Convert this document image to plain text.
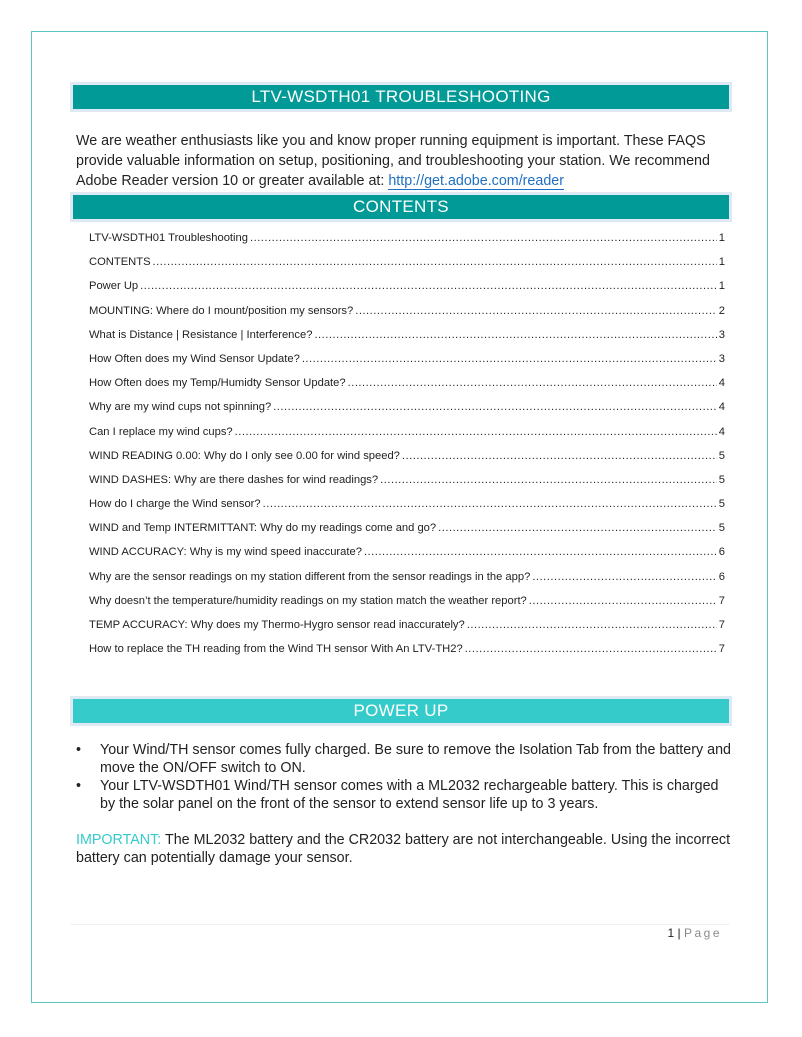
LTV-WSDTH01 TROUBLESHOOTING
We are weather enthusiasts like you and know proper running equipment is important. These FAQS provide valuable information on setup, positioning, and troubleshooting your station. We recommend Adobe Reader version 10 or greater available at: http://get.adobe.com/reader
CONTENTS
LTV-WSDTH01 Troubleshooting .....	1
CONTENTS .....	1
Power Up .....	1
MOUNTING: Where do I mount/position my sensors? .....	2
What is Distance | Resistance | Interference? .....	3
How Often does my Wind Sensor Update? .....	3
How Often does my Temp/Humidty Sensor Update? .....	4
Why are my wind cups not spinning? .....	4
Can I replace my wind cups? .....	4
WIND READING 0.00: Why do I only see 0.00 for wind speed? .....	5
WIND DASHES: Why are there dashes for wind readings? .....	5
How do I charge the Wind sensor? .....	5
WIND and Temp INTERMITTANT: Why do my readings come and go? .....	5
WIND ACCURACY: Why is my wind speed inaccurate? .....	6
Why are the sensor readings on my station different from the sensor readings in the app? .....	6
Why doesn’t the temperature/humidity readings on my station match the weather report? .....	7
TEMP ACCURACY: Why does my Thermo-Hygro sensor read inaccurately? .....	7
How to replace the TH reading from the Wind TH sensor With An LTV-TH2? .....	7
POWER UP
• Your Wind/TH sensor comes fully charged. Be sure to remove the Isolation Tab from the battery and move the ON/OFF switch to ON.
• Your LTV-WSDTH01 Wind/TH sensor comes with a ML2032 rechargeable battery. This is charged by the solar panel on the front of the sensor to extend sensor life up to 3 years.
IMPORTANT: The ML2032 battery and the CR2032 battery are not interchangeable. Using the incorrect battery can potentially damage your sensor.
1 | Page
